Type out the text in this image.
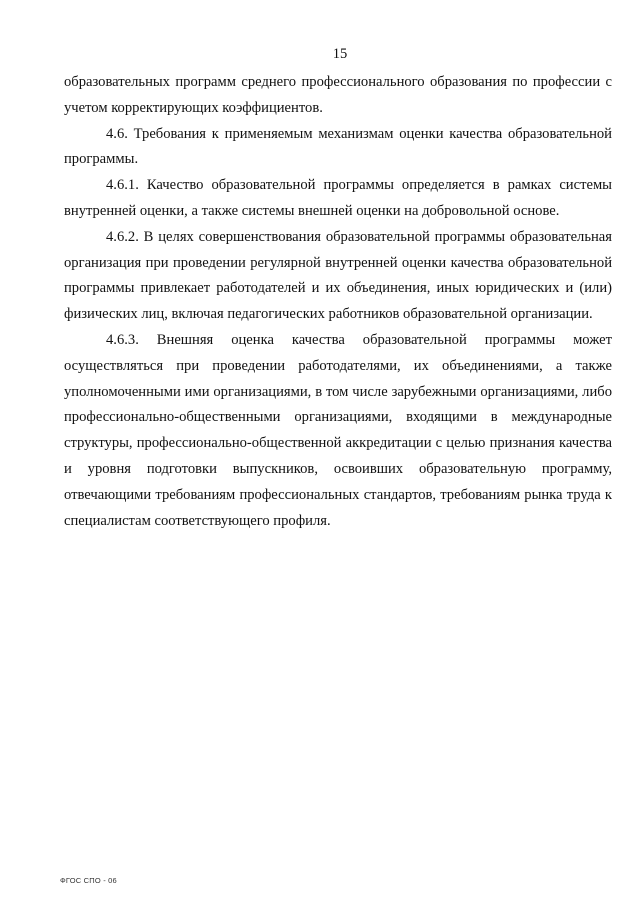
15

образовательных программ среднего профессионального образования по профессии с учетом корректирующих коэффициентов.

4.6. Требования к применяемым механизмам оценки качества образовательной программы.

4.6.1. Качество образовательной программы определяется в рамках системы внутренней оценки, а также системы внешней оценки на добровольной основе.

4.6.2. В целях совершенствования образовательной программы образовательная организация при проведении регулярной внутренней оценки качества образовательной программы привлекает работодателей и их объединения, иных юридических и (или) физических лиц, включая педагогических работников образовательной организации.

4.6.3. Внешняя оценка качества образовательной программы может осуществляться при проведении работодателями, их объединениями, а также уполномоченными ими организациями, в том числе зарубежными организациями, либо профессионально-общественными организациями, входящими в международные структуры, профессионально-общественной аккредитации с целью признания качества и уровня подготовки выпускников, освоивших образовательную программу, отвечающими требованиям профессиональных стандартов, требованиям рынка труда к специалистам соответствующего профиля.

ФГОС СПО - 06
